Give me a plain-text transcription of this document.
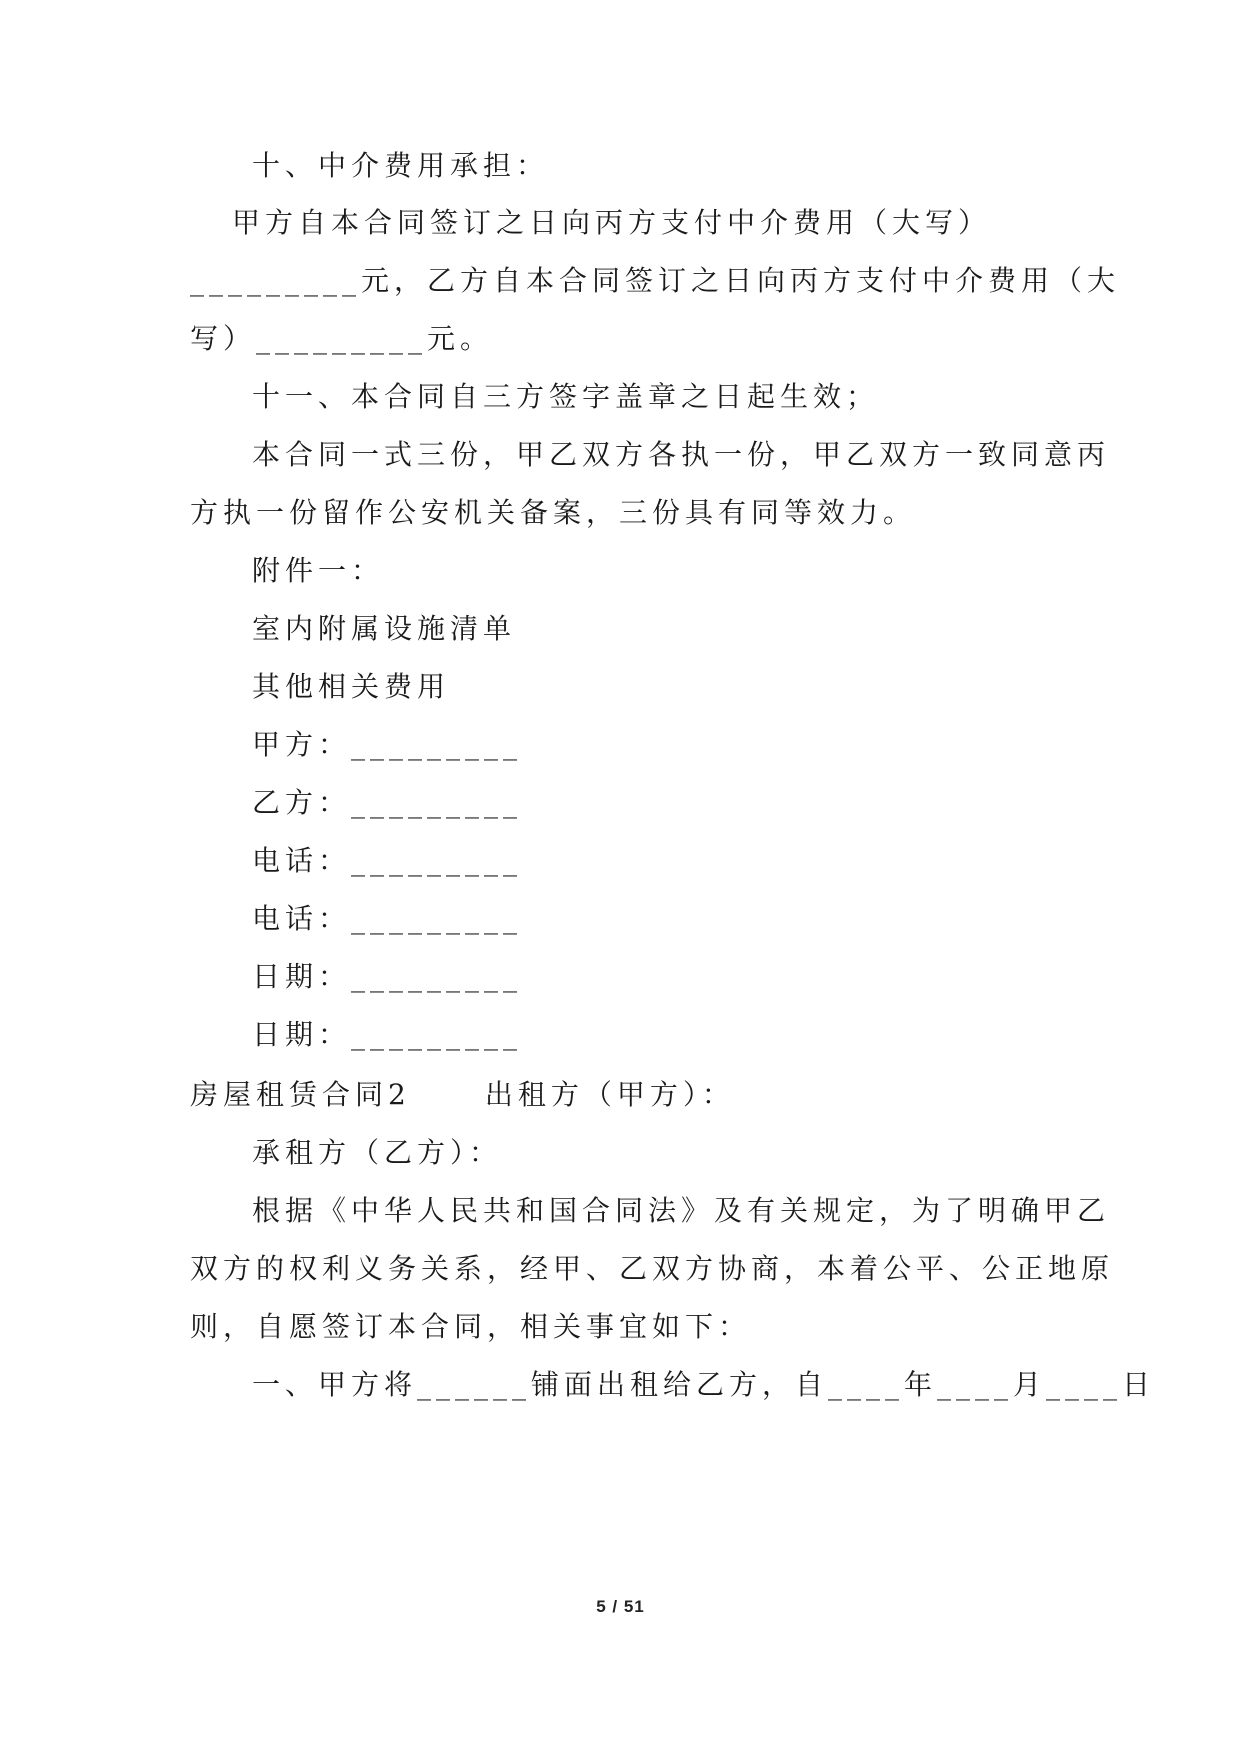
十、中介费用承担：
甲方自本合同签订之日向丙方支付中介费用（大写）
_________元，乙方自本合同签订之日向丙方支付中介费用（大
写）_________元。
十一、本合同自三方签字盖章之日起生效；
本合同一式三份，甲乙双方各执一份，甲乙双方一致同意丙
方执一份留作公安机关备案，三份具有同等效力。
附件一：
室内附属设施清单
其他相关费用
甲方：_________
乙方：_________
电话：_________
电话：_________
日期：_________
日期：_________
房屋租赁合同2	出租方（甲方）：
承租方（乙方）：
根据《中华人民共和国合同法》及有关规定，为了明确甲乙
双方的权利义务关系，经甲、乙双方协商，本着公平、公正地原
则，自愿签订本合同，相关事宜如下：
一、甲方将______铺面出租给乙方，自____年____月____日
5 / 51
